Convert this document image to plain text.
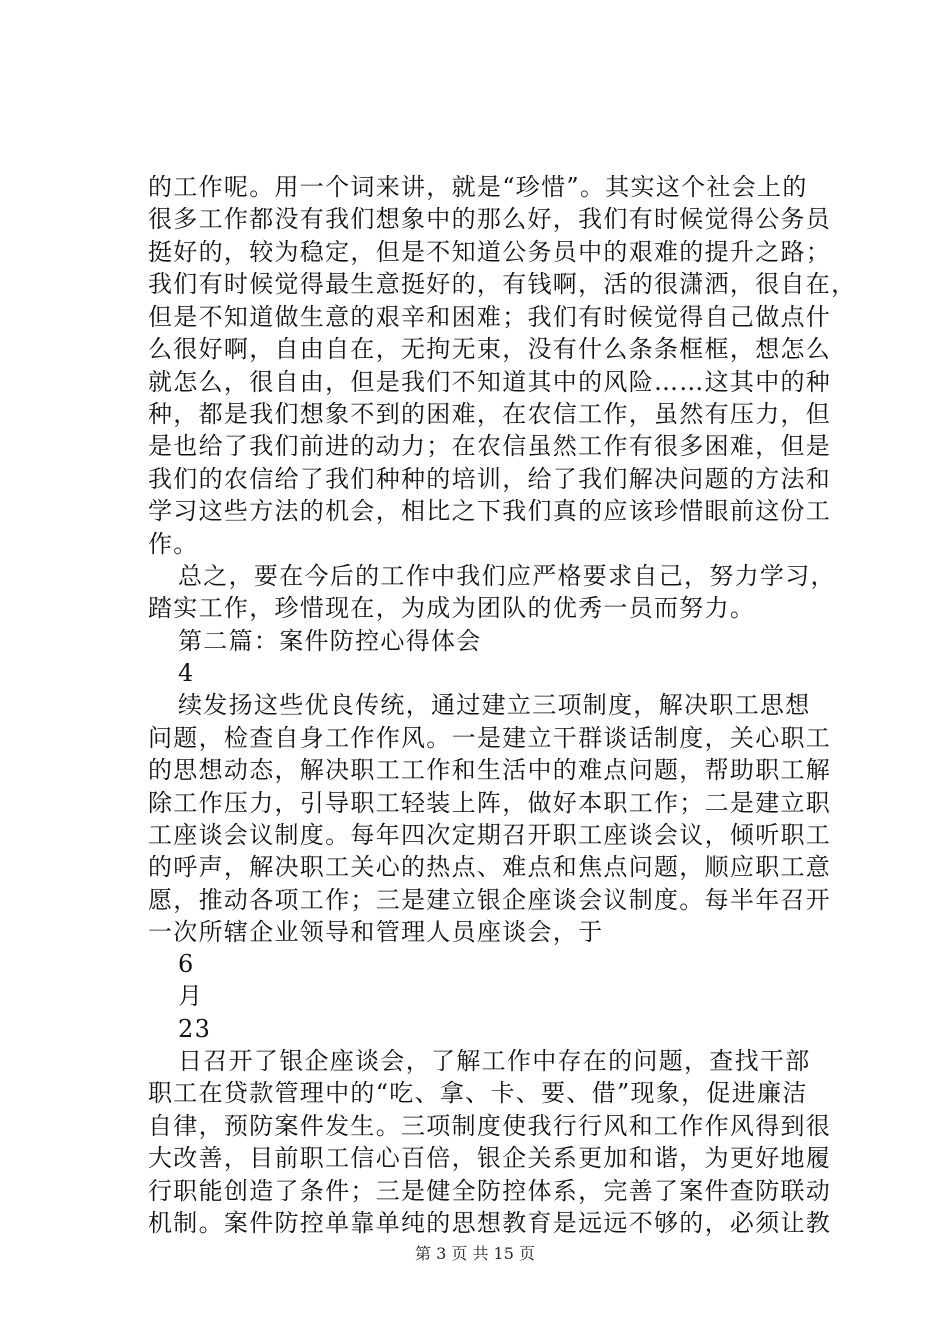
的工作呢。用一个词来讲，就是“珍惜”。其实这个社会上的
很多工作都没有我们想象中的那么好，我们有时候觉得公务员
挺好的，较为稳定，但是不知道公务员中的艰难的提升之路；
我们有时候觉得最生意挺好的，有钱啊，活的很潇洒，很自在，
但是不知道做生意的艰辛和困难；我们有时候觉得自己做点什
么很好啊，自由自在，无拘无束，没有什么条条框框，想怎么
就怎么，很自由，但是我们不知道其中的风险……这其中的种
种，都是我们想象不到的困难，在农信工作，虽然有压力，但
是也给了我们前进的动力；在农信虽然工作有很多困难，但是
我们的农信给了我们种种的培训，给了我们解决问题的方法和
学习这些方法的机会，相比之下我们真的应该珍惜眼前这份工
作。
总之，要在今后的工作中我们应严格要求自己，努力学习，
踏实工作，珍惜现在，为成为团队的优秀一员而努力。
第二篇：案件防控心得体会
4
续发扬这些优良传统，通过建立三项制度，解决职工思想
问题，检查自身工作作风。一是建立干群谈话制度，关心职工
的思想动态，解决职工工作和生活中的难点问题，帮助职工解
除工作压力，引导职工轻装上阵，做好本职工作；二是建立职
工座谈会议制度。每年四次定期召开职工座谈会议，倾听职工
的呼声，解决职工关心的热点、难点和焦点问题，顺应职工意
愿，推动各项工作；三是建立银企座谈会议制度。每半年召开
一次所辖企业领导和管理人员座谈会，于
6
月
23
日召开了银企座谈会，了解工作中存在的问题，查找干部
职工在贷款管理中的“吃、拿、卡、要、借”现象，促进廉洁
自律，预防案件发生。三项制度使我行行风和工作作风得到很
大改善，目前职工信心百倍，银企关系更加和谐，为更好地履
行职能创造了条件；三是健全防控体系，完善了案件查防联动
机制。案件防控单靠单纯的思想教育是远远不够的，必须让教
第 3 页 共 15 页
